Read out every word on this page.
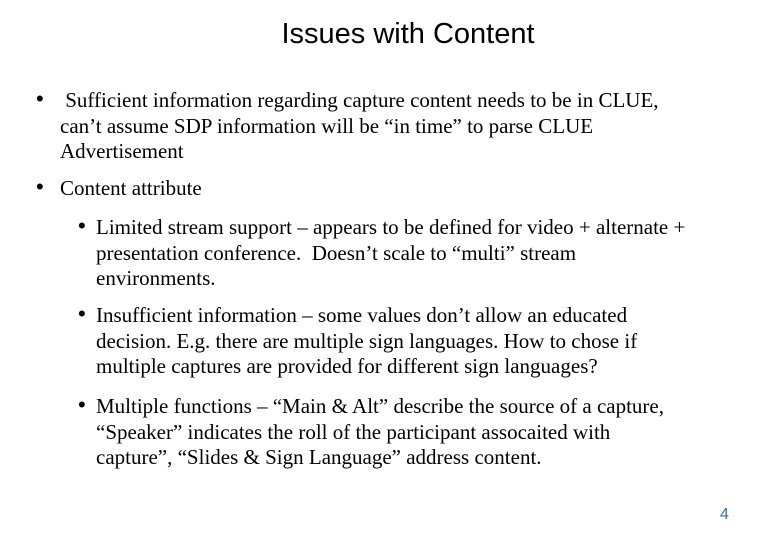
Issues with Content
• Sufficient information regarding capture content needs to be in CLUE,
can’t assume SDP information will be “in time” to parse CLUE
Advertisement
• Content attribute
• Limited stream support – appears to be defined for video + alternate +
presentation conference.  Doesn’t scale to “multi” stream
environments.
• Insufficient information – some values don’t allow an educated
decision. E.g. there are multiple sign languages. How to chose if
multiple captures are provided for different sign languages?
• Multiple functions – “Main & Alt” describe the source of a capture,
“Speaker” indicates the roll of the participant assocaited with
capture”, “Slides & Sign Language” address content.
4
